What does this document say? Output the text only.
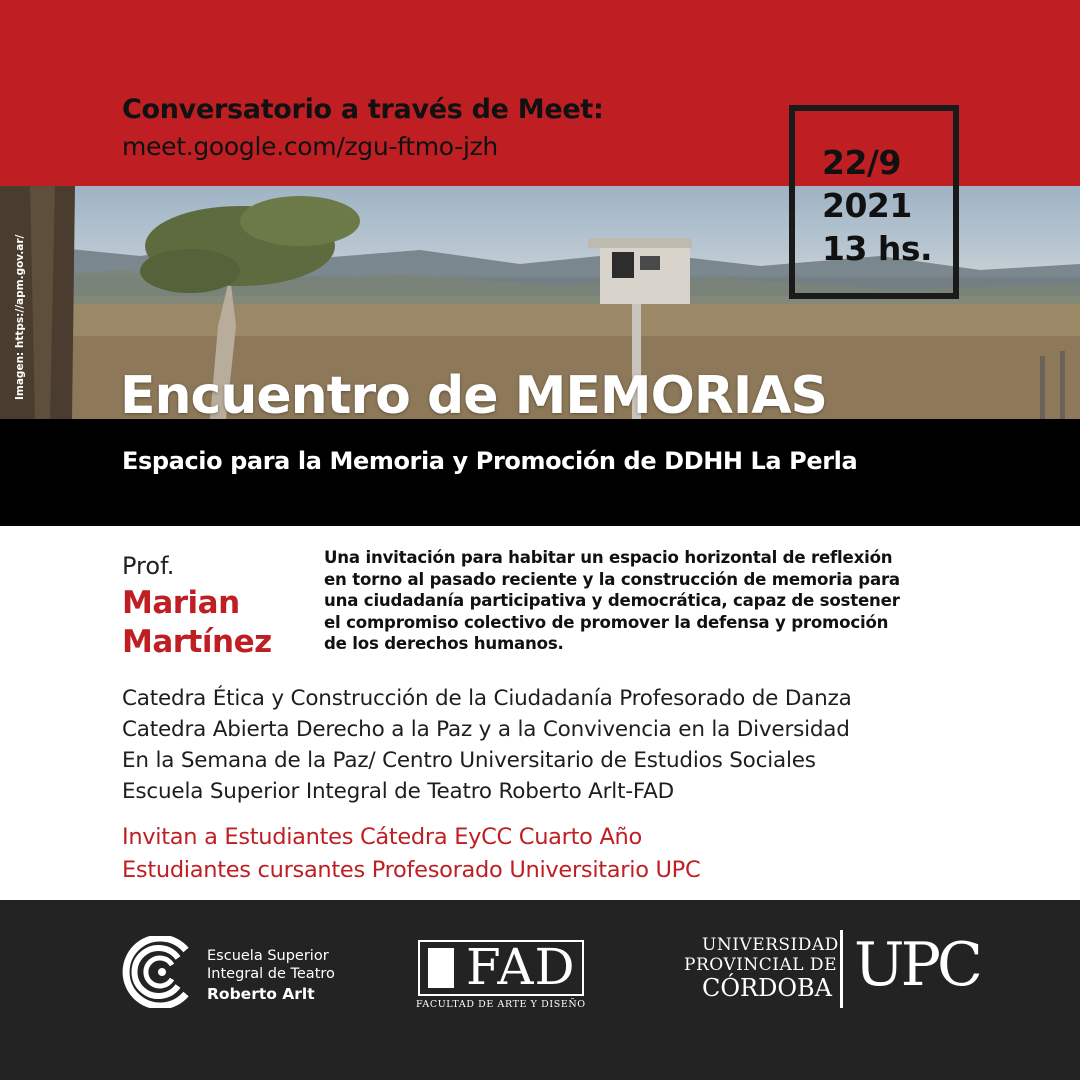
Conversatorio a través de Meet:
meet.google.com/zgu-ftmo-jzh
Imagen: https://apm.gov.ar/
22/9
2021
13 hs.
Encuentro de MEMORIAS
Espacio para la Memoria y Promoción de DDHH La Perla
Prof.
Marian
Martínez
Una invitación para habitar un espacio horizontal de reflexión
en torno al pasado reciente y la construcción de memoria para
una ciudadanía participativa y democrática, capaz de sostener
el compromiso colectivo de promover la defensa y promoción
de los derechos humanos.
Catedra Ética y Construcción de la Ciudadanía Profesorado de Danza
Catedra Abierta Derecho a la Paz y a la Convivencia en la Diversidad
En la Semana de la Paz/ Centro Universitario de Estudios Sociales
Escuela Superior Integral de Teatro Roberto Arlt-FAD
Invitan a Estudiantes Cátedra EyCC Cuarto Año
Estudiantes cursantes Profesorado Universitario UPC
Escuela Superior
Integral de Teatro
Roberto Arlt	FAD
FACULTAD DE ARTE Y DISEÑO
UNIVERSIDAD
PROVINCIAL DE
CÓRDOBA UPC
